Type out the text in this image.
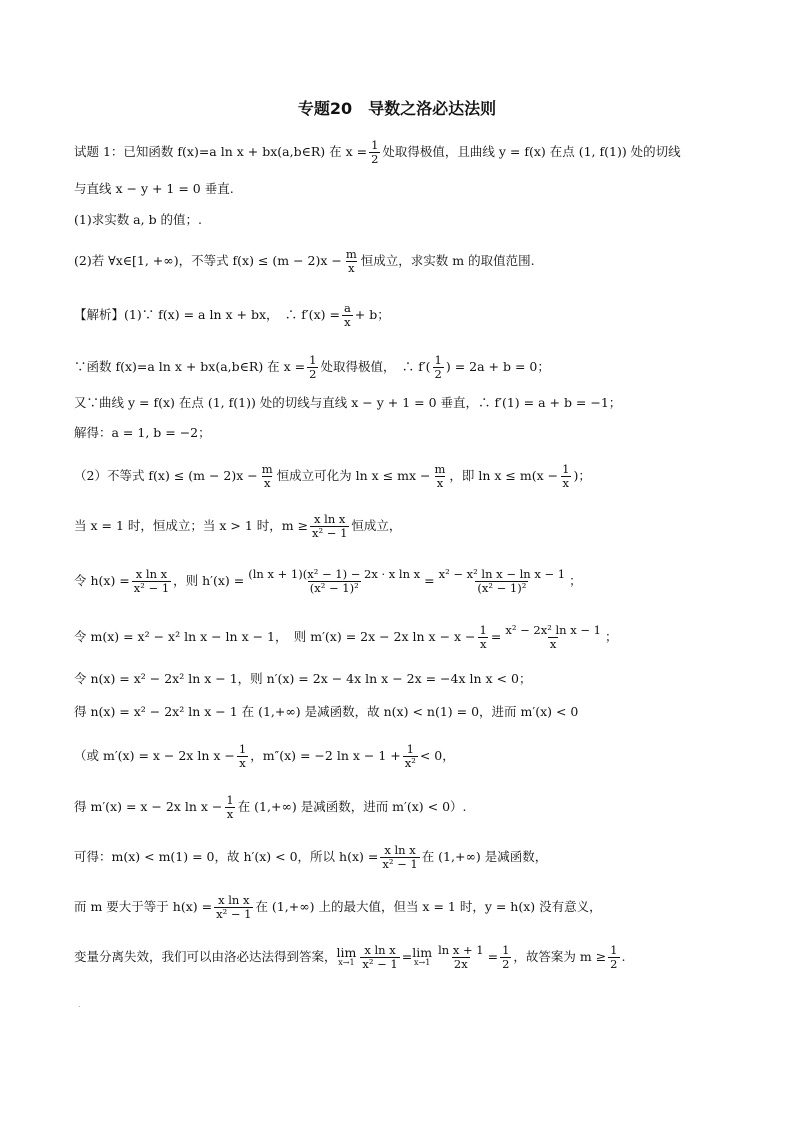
专题20　导数之洛必达法则
试题 1：已知函数 f(x)=a ln x + bx(a,b∈R) 在 $x = \frac{1}{2}$ 处取得极值，且曲线 y = f(x) 在点 (1, f(1)) 处的切线
与直线 x − y + 1 = 0 垂直.
(1)求实数 a, b 的值；.
(2)若 ∀x∈[1, +∞)，不等式 $f(x) \le (m - 2)x - \frac{m}{x}$ 恒成立，求实数 m 的取值范围.
【解析】(1)∵ f(x) = a ln x + bx，　∴ $f'(x) = \frac{a}{x} + b$；
∵函数 f(x)=a ln x + bx(a,b∈R) 在 $x = \frac{1}{2}$ 处取得极值，　∴ $f'( \frac{1}{2}$ ) = 2a + b = 0；
又∵曲线 y = f(x) 在点 (1, f(1)) 处的切线与直线 x − y + 1 = 0 垂直，∴ f′(1) = a + b = −1；
解得：a = 1, b = −2；
（2）不等式 $f(x) \le (m - 2)x - \frac{m}{x}$ 恒成立可化为 ln x ≤ mx − $\frac{m}{x}$ ，即 $\ln x \le m(x - \frac{1}{x}$ )；
当 x = 1 时，恒成立；当 x > 1 时，$m \ge \frac{\text{x ln x}}{\text{x² − 1}}$ 恒成立，
令 $h(x) = \frac{\text{x ln x}}{\text{x² − 1}}$ ，则 $h'(x) = \frac{\text{(ln x + 1)(x² − 1) − 2x · x ln x}}{\text{(x² − 1)²}} = \frac{\text{x² − x² ln x − ln x − 1}}{\text{(x² − 1)²}}$ ；
令 m(x) = x² − x² ln x − ln x − 1，　则 m′(x) = 2x − 2x $\ln x - x - \frac{1}{x} = \frac{\text{x² − 2x² ln x − 1}}{x}$ ；
令 n(x) = x² − 2x² ln x − 1，则 n′(x) = 2x − 4x ln x − 2x = −4x ln x < 0；
得 n(x) = x² − 2x² ln x − 1 在 (1,+∞) 是减函数，故 n(x) < n(1) = 0，进而 m′(x) < 0
（或 m′(x) = x − 2x $\ln x - \frac{1}{x}$ ，m″(x) = −2 $\ln x - 1 + \frac{1}{\text{x²}} < 0$，
得 m′(x) = x − 2x $\ln x - \frac{1}{x}$ 在 (1,+∞) 是减函数，进而 m′(x) < 0）.
可得：m(x) < m(1) = 0，故 h′(x) < 0，所以 $h(x) = \frac{\text{x ln x}}{\text{x² − 1}}$ 在 (1,+∞) 是减函数，
而 m 要大于等于 $h(x) = \frac{\text{x ln x}}{\text{x² − 1}}$ 在 (1,+∞) 上的最大值，但当 x = 1 时，y = h(x) 没有意义，
变量分离失效，我们可以由洛必达法得到答案， lim
$x\to 1 \frac{\text{x ln x}}{\text{x² − 1}} = \lim$
$x\to 1 \frac{\text{ln x + 1}}{2x} = \frac{1}{2}$ ，故答案为 $m \ge \frac{1}{2}$ .
.
